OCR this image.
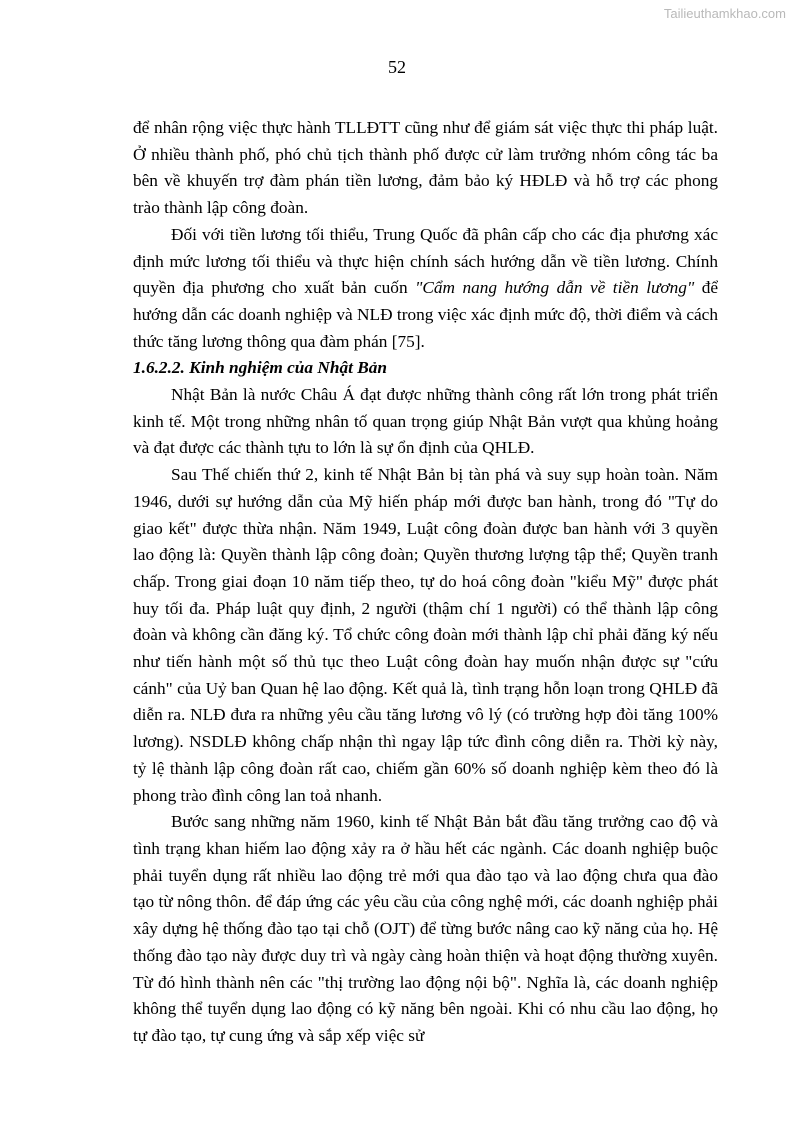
Tailieuthamkhao.com
52

để nhân rộng việc thực hành TLLĐTT cũng như để giám sát việc thực thi pháp luật. Ở nhiều thành phố, phó chủ tịch thành phố được cử làm trưởng nhóm công tác ba bên về khuyến trợ đàm phán tiền lương, đảm bảo ký HĐLĐ và hỗ trợ các phong trào thành lập công đoàn.

Đối với tiền lương tối thiểu, Trung Quốc đã phân cấp cho các địa phương xác định mức lương tối thiểu và thực hiện chính sách hướng dẫn về tiền lương. Chính quyền địa phương cho xuất bản cuốn "Cẩm nang hướng dẫn về tiền lương" để hướng dẫn các doanh nghiệp và NLĐ trong việc xác định mức độ, thời điểm và cách thức tăng lương thông qua đàm phán [75].

1.6.2.2. Kinh nghiệm của Nhật Bản

Nhật Bản là nước Châu Á đạt được những thành công rất lớn trong phát triển kinh tế. Một trong những nhân tố quan trọng giúp Nhật Bản vượt qua khủng hoảng và đạt được các thành tựu to lớn là sự ổn định của QHLĐ.

Sau Thế chiến thứ 2, kinh tế Nhật Bản bị tàn phá và suy sụp hoàn toàn. Năm 1946, dưới sự hướng dẫn của Mỹ hiến pháp mới được ban hành, trong đó "Tự do giao kết" được thừa nhận. Năm 1949, Luật công đoàn được ban hành với 3 quyền lao động là: Quyền thành lập công đoàn; Quyền thương lượng tập thể; Quyền tranh chấp. Trong giai đoạn 10 năm tiếp theo, tự do hoá công đoàn "kiểu Mỹ" được phát huy tối đa. Pháp luật quy định, 2 người (thậm chí 1 người) có thể thành lập công đoàn và không cần đăng ký. Tổ chức công đoàn mới thành lập chỉ phải đăng ký nếu như tiến hành một số thủ tục theo Luật công đoàn hay muốn nhận được sự "cứu cánh" của Uỷ ban Quan hệ lao động. Kết quả là, tình trạng hỗn loạn trong QHLĐ đã diễn ra. NLĐ đưa ra những yêu cầu tăng lương vô lý (có trường hợp đòi tăng 100% lương). NSDLĐ không chấp nhận thì ngay lập tức đình công diễn ra. Thời kỳ này, tỷ lệ thành lập công đoàn rất cao, chiếm gần 60% số doanh nghiệp kèm theo đó là phong trào đình công lan toả nhanh.

Bước sang những năm 1960, kinh tế Nhật Bản bắt đầu tăng trưởng cao độ và tình trạng khan hiếm lao động xảy ra ở hầu hết các ngành. Các doanh nghiệp buộc phải tuyển dụng rất nhiều lao động trẻ mới qua đào tạo và lao động chưa qua đào tạo từ nông thôn. để đáp ứng các yêu cầu của công nghệ mới, các doanh nghiệp phải xây dựng hệ thống đào tạo tại chỗ (OJT) để từng bước nâng cao kỹ năng của họ. Hệ thống đào tạo này được duy trì và ngày càng hoàn thiện và hoạt động thường xuyên. Từ đó hình thành nên các "thị trường lao động nội bộ". Nghĩa là, các doanh nghiệp không thể tuyển dụng lao động có kỹ năng bên ngoài. Khi có nhu cầu lao động, họ tự đào tạo, tự cung ứng và sắp xếp việc sử
